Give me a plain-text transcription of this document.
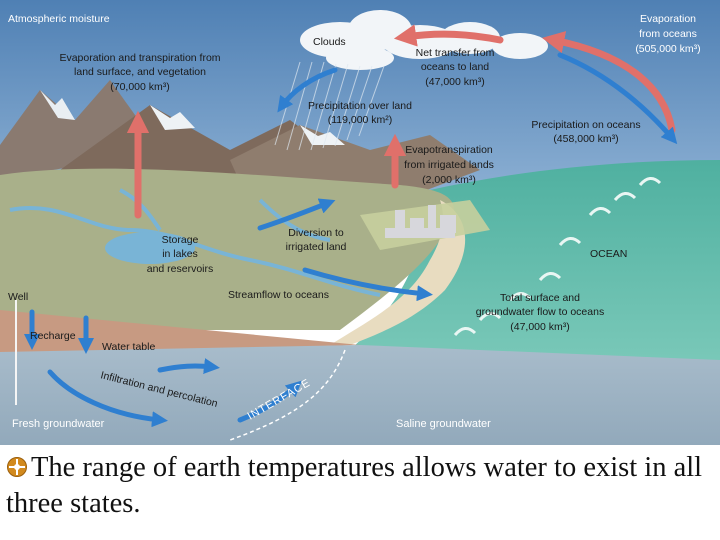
Atmospheric moisture
Clouds
Evaporation and transpiration from
land surface, and vegetation
(70,000 km³)
Net transfer from
oceans to land
(47,000 km³)
Evaporation
from oceans
(505,000 km³)
Precipitation over land
(119,000 km²)	Precipitation on oceans
(458,000 km³)
Evapotranspiration
from irrigated lands
(2,000 km³)
Storage
in lakes
and reservoirs
Diversion to
irrigated land
OCEAN
Well	Streamflow to oceans	Total surface and
groundwater flow to oceans
(47,000 km³)
Recharge
Water table
Infiltration and percolation INTERFACE
Fresh groundwater	Saline groundwater

The range of earth temperatures allows water to exist in all three states.
